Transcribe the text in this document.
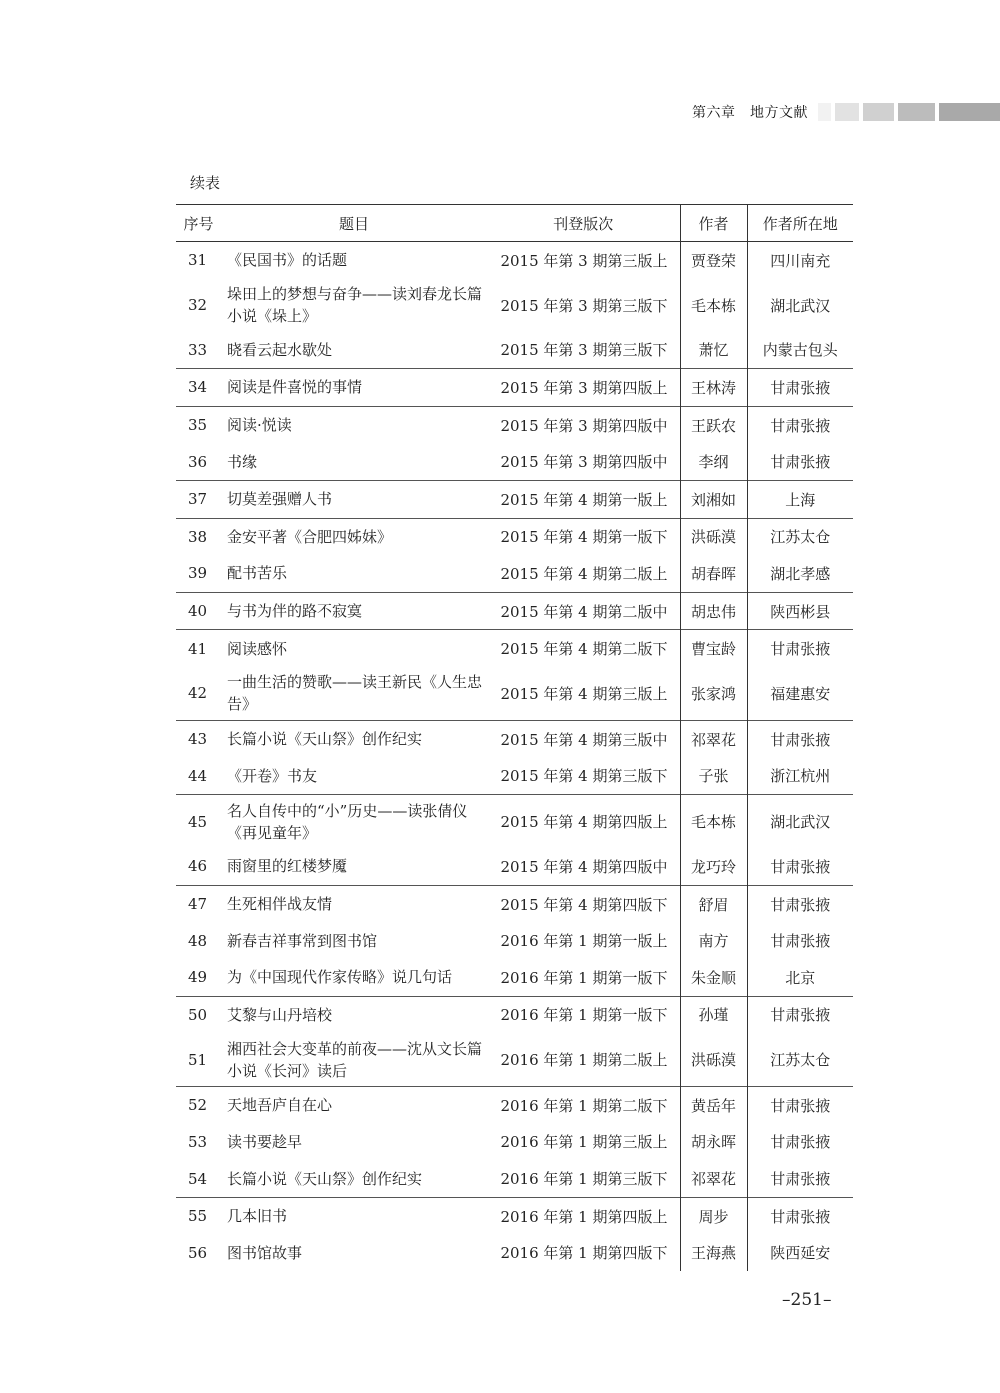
第六章　地方文献
续表
序号	题目	刊登版次	作者	作者所在地
31	《民国书》的话题	2015 年第 3 期第三版上	贾登荣	四川南充
32	垛田上的梦想与奋争——读刘春龙长篇小说《垛上》	2015 年第 3 期第三版下	毛本栋	湖北武汉
33	晓看云起水歇处	2015 年第 3 期第三版下	萧忆	内蒙古包头
34	阅读是件喜悦的事情	2015 年第 3 期第四版上	王林涛	甘肃张掖
35	阅读·悦读	2015 年第 3 期第四版中	王跃农	甘肃张掖
36	书缘	2015 年第 3 期第四版中	李纲	甘肃张掖
37	切莫差强赠人书	2015 年第 4 期第一版上	刘湘如	上海
38	金安平著《合肥四姊妹》	2015 年第 4 期第一版下	洪砾漠	江苏太仓
39	配书苦乐	2015 年第 4 期第二版上	胡春晖	湖北孝感
40	与书为伴的路不寂寞	2015 年第 4 期第二版中	胡忠伟	陕西彬县
41	阅读感怀	2015 年第 4 期第二版下	曹宝龄	甘肃张掖
42	一曲生活的赞歌——读王新民《人生忠告》	2015 年第 4 期第三版上	张家鸿	福建惠安
43	长篇小说《天山祭》创作纪实	2015 年第 4 期第三版中	祁翠花	甘肃张掖
44	《开卷》书友	2015 年第 4 期第三版下	子张	浙江杭州
45	名人自传中的“小”历史——读张倩仪《再见童年》	2015 年第 4 期第四版上	毛本栋	湖北武汉
46	雨窗里的红楼梦魇	2015 年第 4 期第四版中	龙巧玲	甘肃张掖
47	生死相伴战友情	2015 年第 4 期第四版下	舒眉	甘肃张掖
48	新春吉祥事常到图书馆	2016 年第 1 期第一版上	南方	甘肃张掖
49	为《中国现代作家传略》说几句话	2016 年第 1 期第一版下	朱金顺	北京
50	艾黎与山丹培校	2016 年第 1 期第一版下	孙瑾	甘肃张掖
51	湘西社会大变革的前夜——沈从文长篇小说《长河》读后	2016 年第 1 期第二版上	洪砾漠	江苏太仓
52	天地吾庐自在心	2016 年第 1 期第二版下	黄岳年	甘肃张掖
53	读书要趁早	2016 年第 1 期第三版上	胡永晖	甘肃张掖
54	长篇小说《天山祭》创作纪实	2016 年第 1 期第三版下	祁翠花	甘肃张掖
55	几本旧书	2016 年第 1 期第四版上	周步	甘肃张掖
56	图书馆故事	2016 年第 1 期第四版下	王海燕	陕西延安
–251–
